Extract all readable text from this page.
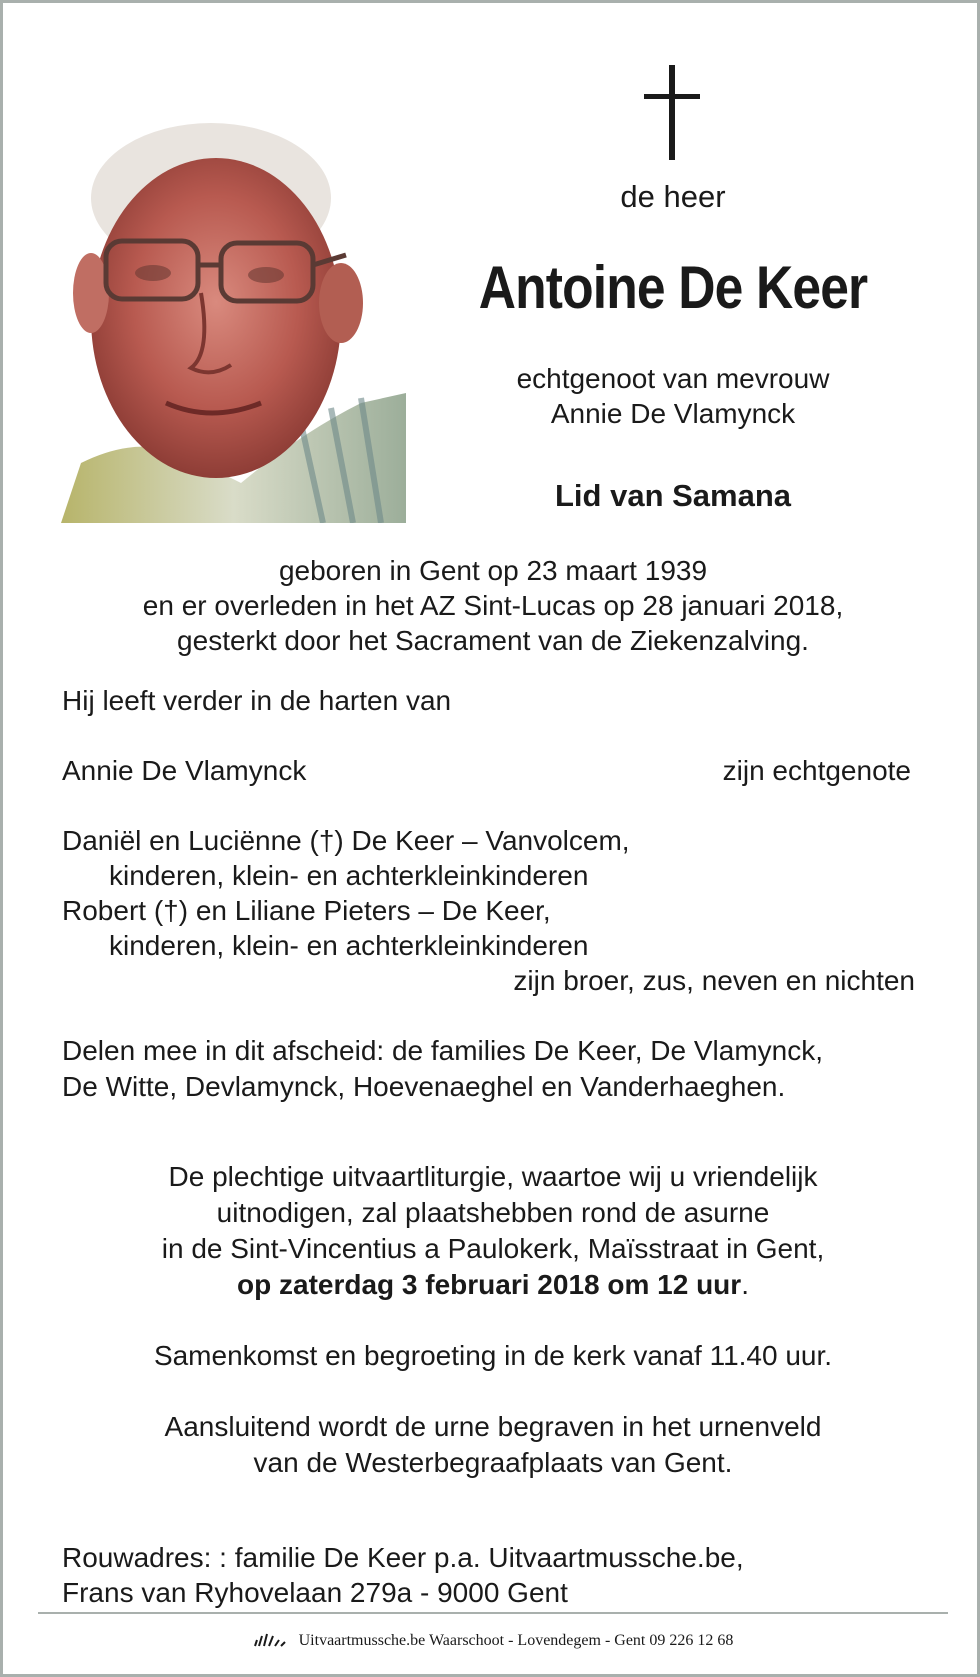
de heer
Antoine De Keer
echtgenoot van mevrouw
Annie De Vlamynck
Lid van Samana
geboren in Gent op 23 maart 1939
en er overleden in het AZ Sint-Lucas op 28 januari 2018,
gesterkt door het Sacrament van de Ziekenzalving.
Hij leeft verder in de harten van
Annie De Vlamynck	zijn echtgenote
Daniël en Luciënne (†) De Keer – Vanvolcem,
kinderen, klein- en achterkleinkinderen
Robert (†) en Liliane Pieters – De Keer,
kinderen, klein- en achterkleinkinderen
zijn broer, zus, neven en nichten
Delen mee in dit afscheid: de families De Keer, De Vlamynck,
De Witte, Devlamynck, Hoevenaeghel en Vanderhaeghen.
De plechtige uitvaartliturgie, waartoe wij u vriendelijk
uitnodigen, zal plaatshebben rond de asurne
in de Sint-Vincentius a Paulokerk, Maïsstraat in Gent,
op zaterdag 3 februari 2018 om 12 uur.
Samenkomst en begroeting in de kerk vanaf 11.40 uur.
Aansluitend wordt de urne begraven in het urnenveld
van de Westerbegraafplaats van Gent.
Rouwadres: : familie De Keer p.a. Uitvaartmussche.be,
Frans van Ryhovelaan 279a - 9000 Gent
Uitvaartmussche.be Waarschoot - Lovendegem - Gent 09 226 12 68
